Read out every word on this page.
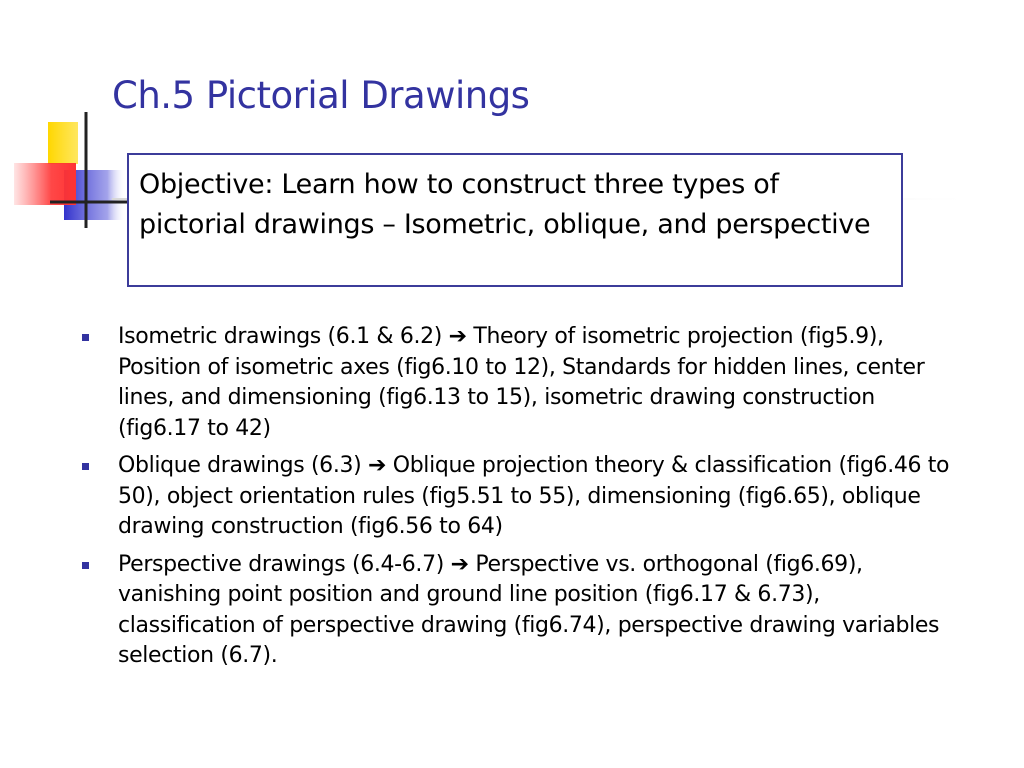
Ch.5 Pictorial Drawings
Objective: Learn how to construct three types of pictorial drawings – Isometric, oblique, and perspective
Isometric drawings (6.1 & 6.2) ➔ Theory of isometric projection (fig5.9), Position of isometric axes (fig6.10 to 12), Standards for hidden lines, center lines, and dimensioning (fig6.13 to 15), isometric drawing construction (fig6.17 to 42)
Oblique drawings (6.3) ➔ Oblique projection theory & classification (fig6.46 to 50), object orientation rules (fig5.51 to 55), dimensioning (fig6.65), oblique drawing construction (fig6.56 to 64)
Perspective drawings (6.4-6.7) ➔ Perspective vs. orthogonal (fig6.69), vanishing point position and ground line position (fig6.17 & 6.73), classification of perspective drawing (fig6.74), perspective drawing variables selection (6.7).
